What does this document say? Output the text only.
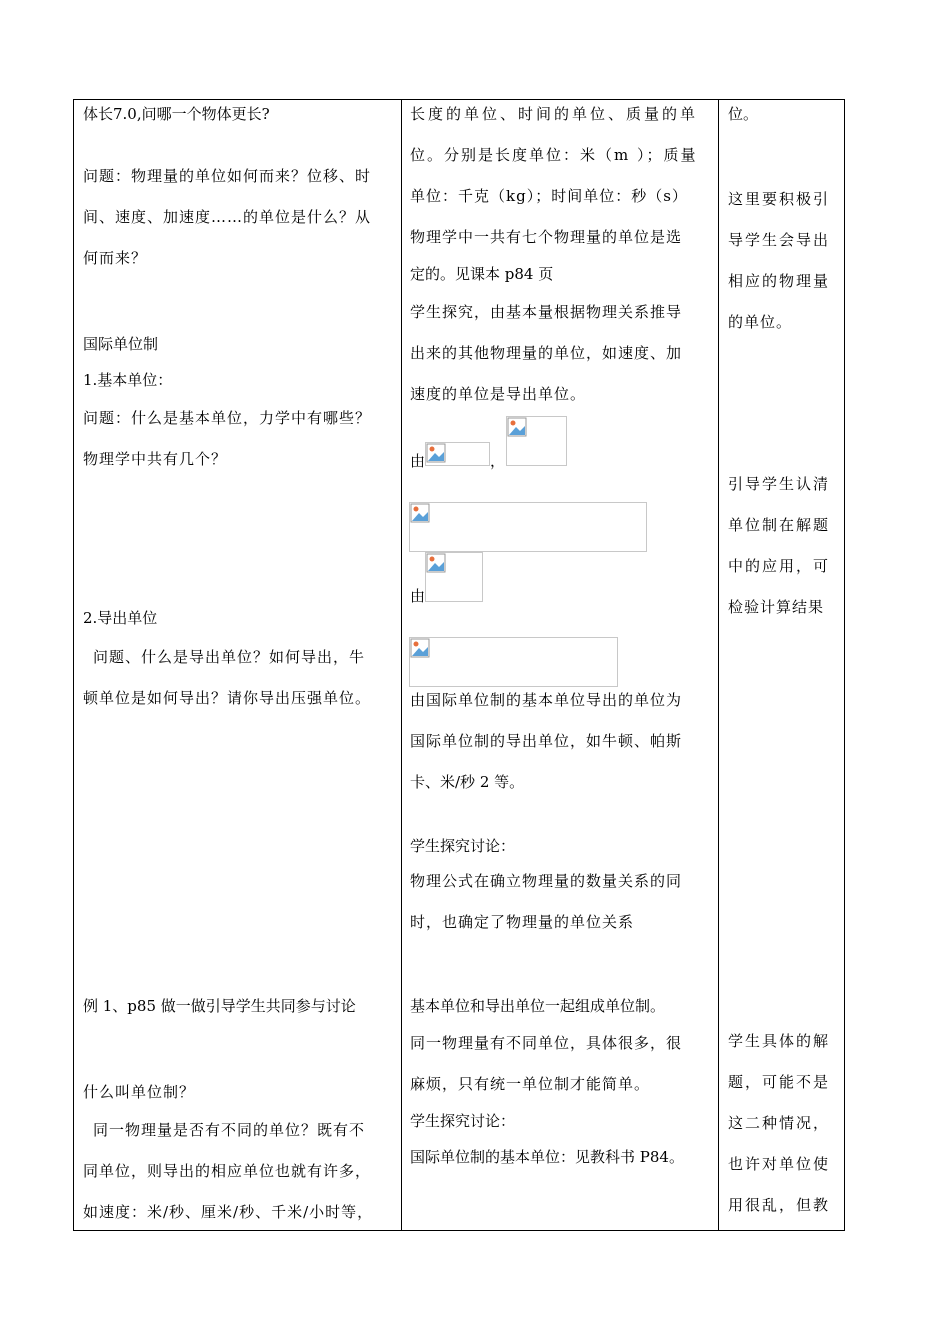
体长7.0,问哪一个物体更长?
问题：物理量的单位如何而来？位移、时
间、速度、加速度……的单位是什么？从
何而来？
国际单位制
1.基本单位：
问题：什么是基本单位，力学中有哪些？
物理学中共有几个？
2.导出单位
问题、什么是导出单位？如何导出，牛
顿单位是如何导出？请你导出压强单位。
例 1、p85 做一做引导学生共同参与讨论
什么叫单位制？
同一物理量是否有不同的单位？既有不
同单位，则导出的相应单位也就有许多，
如速度：米/秒、厘米/秒、千米/小时等，
长度的单位、时间的单位、质量的单
位。分别是长度单位：米（m ）；质量
单位：千克（kg）；时间单位：秒（s）
物理学中一共有七个物理量的单位是选
定的。见课本 p84 页
学生探究，由基本量根据物理关系推导
出来的其他物理量的单位，如速度、加
速度的单位是导出单位。
由	，
由
由国际单位制的基本单位导出的单位为
国际单位制的导出单位，如牛顿、帕斯
卡、米/秒 2 等。
学生探究讨论：
物理公式在确立物理量的数量关系的同
时，也确定了物理量的单位关系
基本单位和导出单位一起组成单位制。
同一物理量有不同单位，具体很多，很
麻烦，只有统一单位制才能简单。
学生探究讨论：
国际单位制的基本单位：见教科书 P84。
位。
这里要积极引
导学生会导出
相应的物理量
的单位。
引导学生认清
单位制在解题
中的应用，可
检验计算结果
学生具体的解
题，可能不是
这二种情况，
也许对单位使
用很乱，但教
